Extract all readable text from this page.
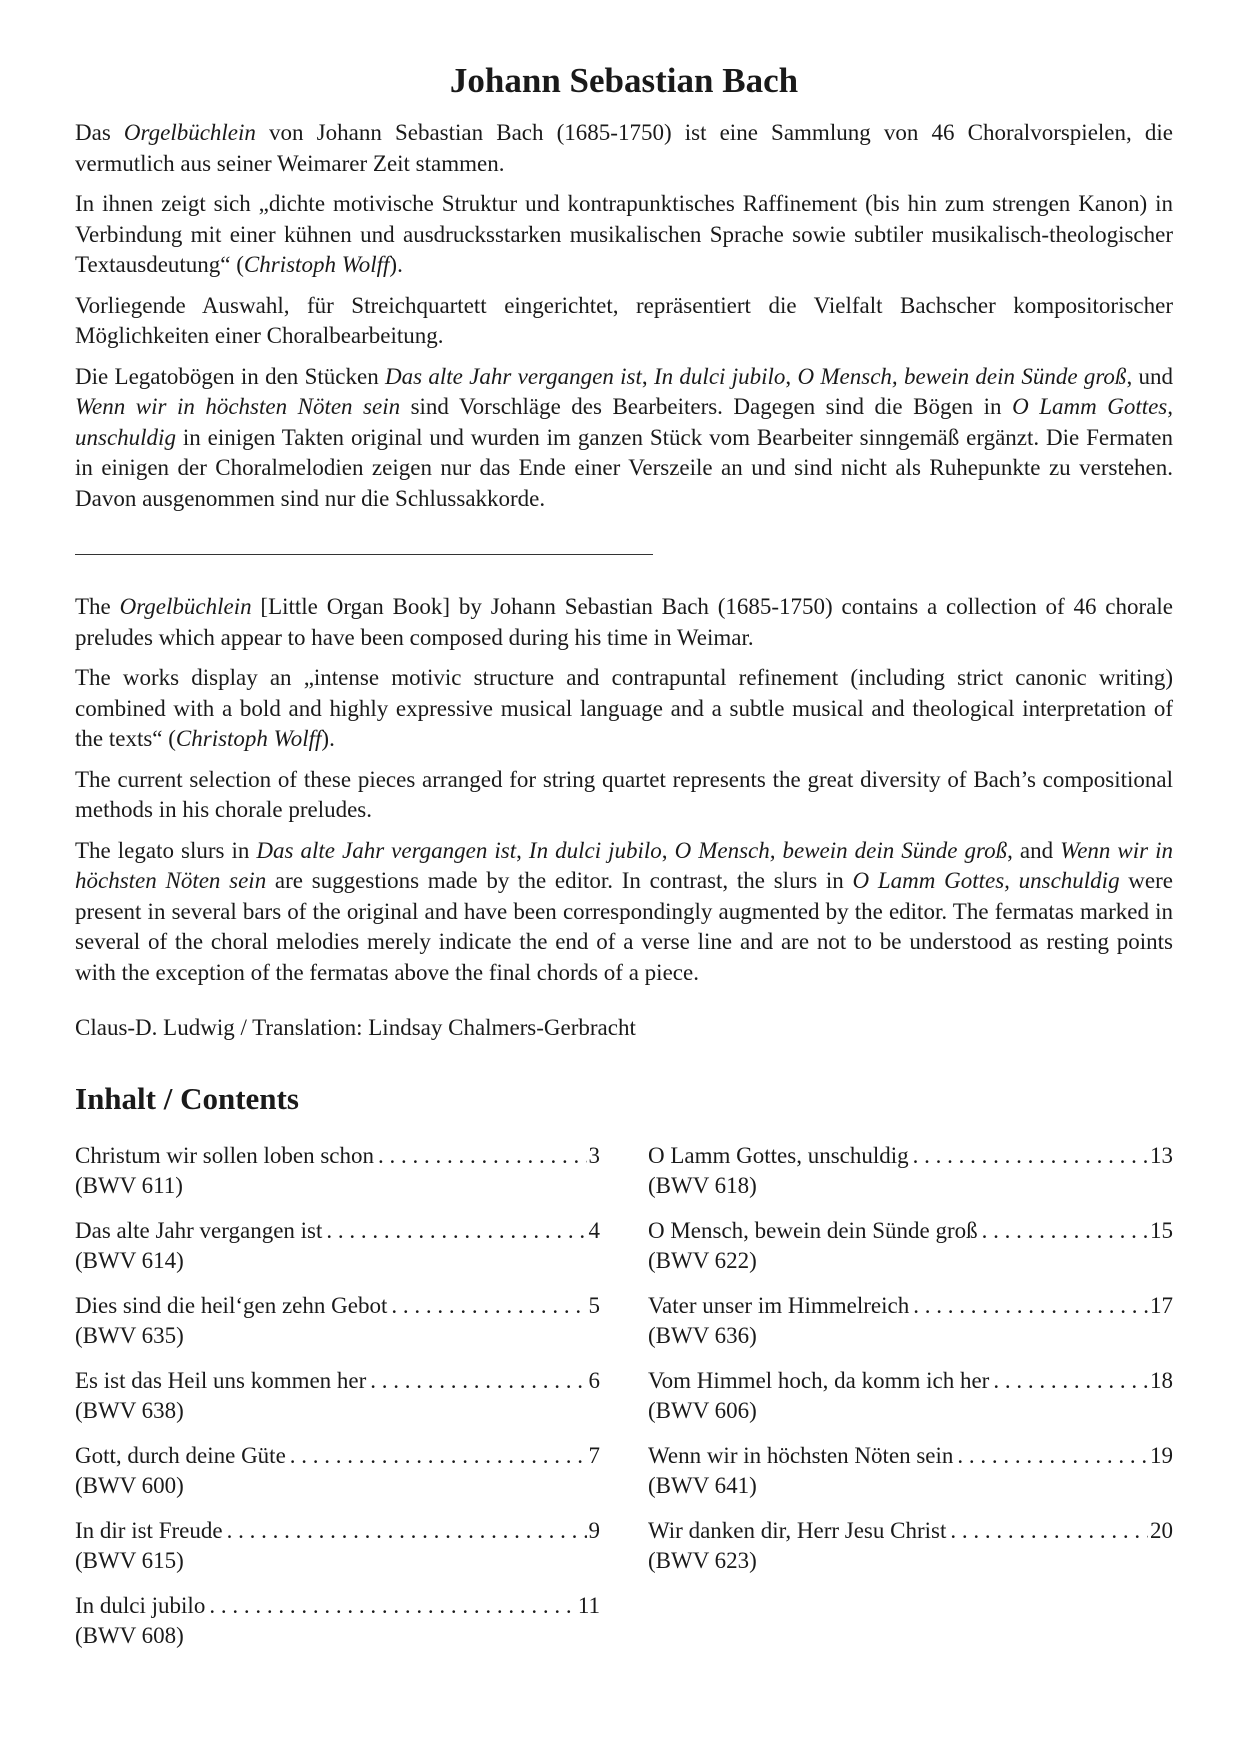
Johann Sebastian Bach

Das Orgelbüchlein von Johann Sebastian Bach (1685-1750) ist eine Sammlung von 46 Choralvorspielen, die vermutlich aus seiner Weimarer Zeit stammen.

In ihnen zeigt sich „dichte motivische Struktur und kontrapunktisches Raffinement (bis hin zum strengen Kanon) in Verbindung mit einer kühnen und ausdrucksstarken musikalischen Sprache sowie subtiler musikalisch-theologischer Textausdeutung“ (Christoph Wolff).

Vorliegende Auswahl, für Streichquartett eingerichtet, repräsentiert die Vielfalt Bachscher kompositorischer Möglichkeiten einer Choralbearbeitung.

Die Legatobögen in den Stücken Das alte Jahr vergangen ist, In dulci jubilo, O Mensch, bewein dein Sünde groß, und Wenn wir in höchsten Nöten sein sind Vorschläge des Bearbeiters. Dagegen sind die Bögen in O Lamm Gottes, unschuldig in einigen Takten original und wurden im ganzen Stück vom Bearbeiter sinngemäß ergänzt. Die Fermaten in einigen der Choralmelodien zeigen nur das Ende einer Verszeile an und sind nicht als Ruhepunkte zu verstehen. Davon ausgenommen sind nur die Schlussakkorde.

The Orgelbüchlein [Little Organ Book] by Johann Sebastian Bach (1685-1750) contains a collection of 46 chorale preludes which appear to have been composed during his time in Weimar.

The works display an „intense motivic structure and contrapuntal refinement (including strict canonic writing) combined with a bold and highly expressive musical language and a subtle musical and theological interpretation of the texts“ (Christoph Wolff).

The current selection of these pieces arranged for string quartet represents the great diversity of Bach’s compositional methods in his chorale preludes.

The legato slurs in Das alte Jahr vergangen ist, In dulci jubilo, O Mensch, bewein dein Sünde groß, and Wenn wir in höchsten Nöten sein are suggestions made by the editor. In contrast, the slurs in O Lamm Gottes, unschuldig were present in several bars of the original and have been correspondingly augmented by the editor. The fermatas marked in several of the choral melodies merely indicate the end of a verse line and are not to be understood as resting points with the exception of the fermatas above the final chords of a piece.

Claus-D. Ludwig / Translation: Lindsay Chalmers-Gerbracht

Inhalt / Contents
Christum wir sollen loben schon . . .	3
(BWV 611)
Das alte Jahr vergangen ist . . .	4
(BWV 614)
Dies sind die heil‘gen zehn Gebot . . .	5
(BWV 635)
Es ist das Heil uns kommen her . . .	6
(BWV 638)
Gott, durch deine Güte . . .	7
(BWV 600)
In dir ist Freude . . .	9
(BWV 615)
In dulci jubilo . . .	11
(BWV 608)
O Lamm Gottes, unschuldig . . .	13
(BWV 618)
O Mensch, bewein dein Sünde groß . . .	15
(BWV 622)
Vater unser im Himmelreich . . .	17
(BWV 636)
Vom Himmel hoch, da komm ich her . . .	18
(BWV 606)
Wenn wir in höchsten Nöten sein . . .	19
(BWV 641)
Wir danken dir, Herr Jesu Christ . . .	20
(BWV 623)
